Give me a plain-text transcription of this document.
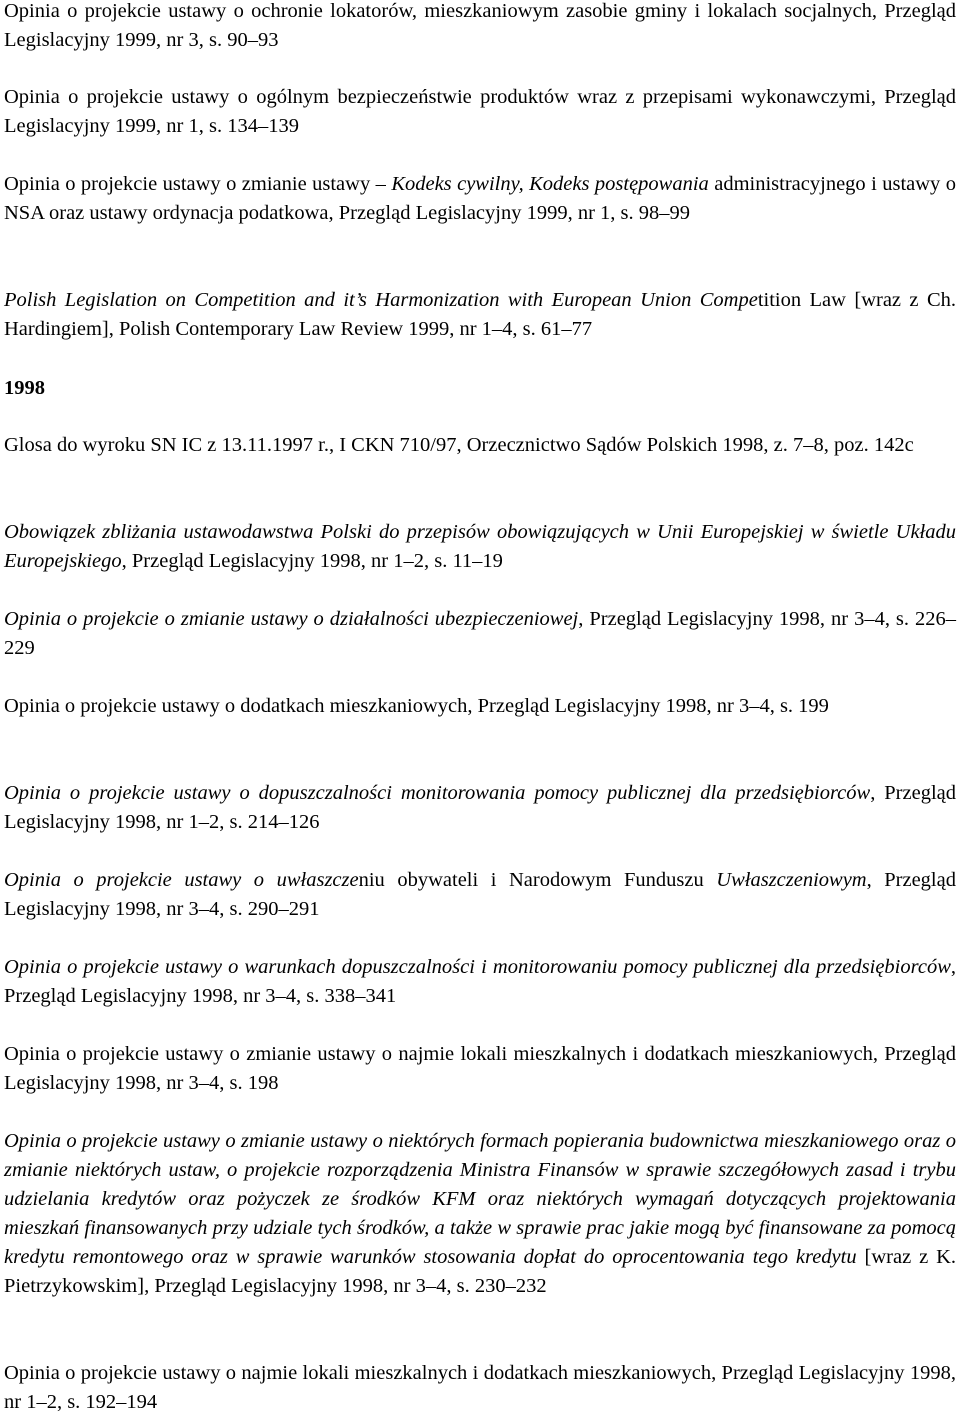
Opinia o projekcie ustawy o ochronie lokatorów, mieszkaniowym zasobie gminy i lokalach socjalnych, Przegląd Legislacyjny 1999, nr 3, s. 90–93

Opinia o projekcie ustawy o ogólnym bezpieczeństwie produktów wraz z przepisami wykonawczymi, Przegląd Legislacyjny 1999, nr 1, s. 134–139

Opinia o projekcie ustawy o zmianie ustawy – Kodeks cywilny, Kodeks postępowania administracyjnego i ustawy o NSA oraz ustawy ordynacja podatkowa, Przegląd Legislacyjny 1999, nr 1, s. 98–99

Polish Legislation on Competition and it’s Harmonization with European Union Competition Law [wraz z Ch. Hardingiem], Polish Contemporary Law Review 1999, nr 1–4, s. 61–77

1998

Glosa do wyroku SN IC z 13.11.1997 r., I CKN 710/97, Orzecznictwo Sądów Polskich 1998, z. 7–8, poz. 142c

Obowiązek zbliżania ustawodawstwa Polski do przepisów obowiązujących w Unii Europejskiej w świetle Układu Europejskiego, Przegląd Legislacyjny 1998, nr 1–2, s. 11–19

Opinia o projekcie o zmianie ustawy o działalności ubezpieczeniowej, Przegląd Legislacyjny 1998, nr 3–4, s. 226–229

Opinia o projekcie ustawy o dodatkach mieszkaniowych, Przegląd Legislacyjny 1998, nr 3–4, s. 199

Opinia o projekcie ustawy o dopuszczalności monitorowania pomocy publicznej dla przedsiębiorców, Przegląd Legislacyjny 1998, nr 1–2, s. 214–126

Opinia o projekcie ustawy o uwłaszczeniu obywateli i Narodowym Funduszu Uwłaszczeniowym, Przegląd Legislacyjny 1998, nr 3–4, s. 290–291

Opinia o projekcie ustawy o warunkach dopuszczalności i monitorowaniu pomocy publicznej dla przedsiębiorców, Przegląd Legislacyjny 1998, nr 3–4, s. 338–341

Opinia o projekcie ustawy o zmianie ustawy o najmie lokali mieszkalnych i dodatkach mieszkaniowych, Przegląd Legislacyjny 1998, nr 3–4, s. 198

Opinia o projekcie ustawy o zmianie ustawy o niektórych formach popierania budownictwa mieszkaniowego oraz o zmianie niektórych ustaw, o projekcie rozporządzenia Ministra Finansów w sprawie szczegółowych zasad i trybu udzielania kredytów oraz pożyczek ze środków KFM oraz niektórych wymagań dotyczących projektowania mieszkań finansowanych przy udziale tych środków, a także w sprawie prac jakie mogą być finansowane za pomocą kredytu remontowego oraz w sprawie warunków stosowania dopłat do oprocentowania tego kredytu [wraz z K. Pietrzykowskim], Przegląd Legislacyjny 1998, nr 3–4, s. 230–232

Opinia o projekcie ustawy o najmie lokali mieszkalnych i dodatkach mieszkaniowych, Przegląd Legislacyjny 1998, nr 1–2, s. 192–194
